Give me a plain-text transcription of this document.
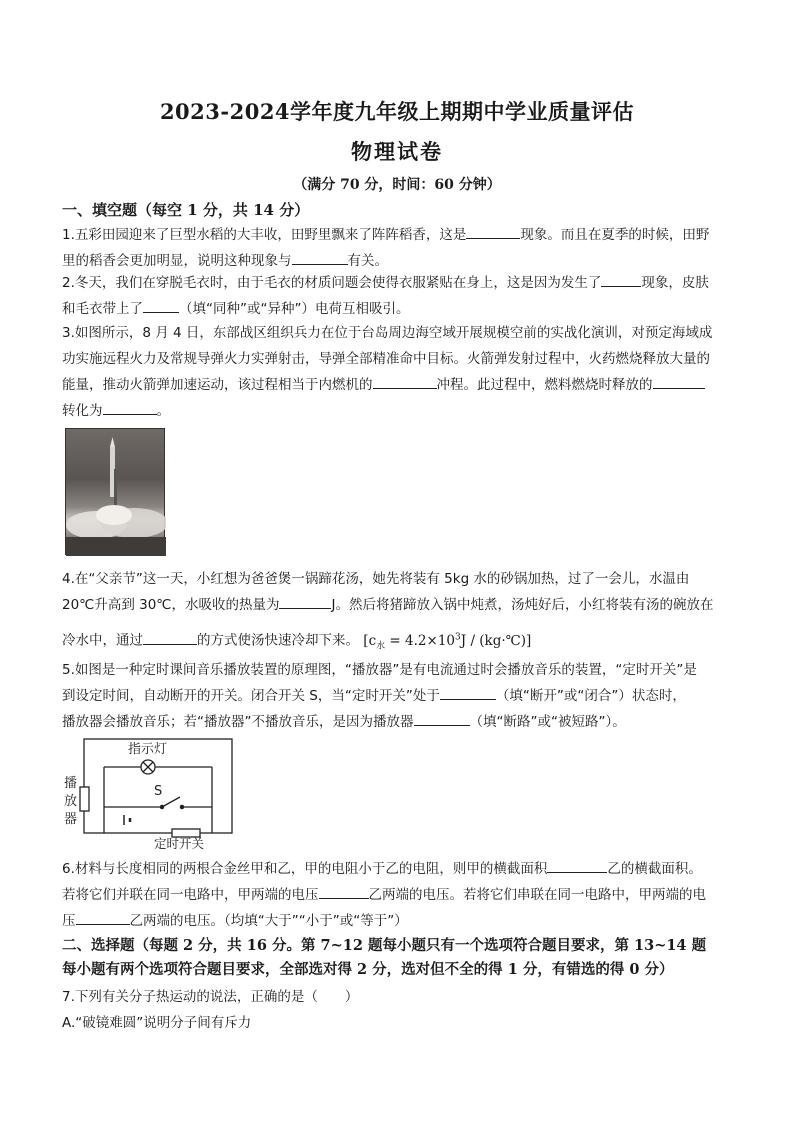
2023-2024学年度九年级上期期中学业质量评估
物理试卷
（满分 70 分，时间：60 分钟）
一、填空题（每空 1 分，共 14 分）
1.五彩田园迎来了巨型水稻的大丰收，田野里飘来了阵阵稻香，这是	现象。而且在夏季的时候，田野
里的稻香会更加明显，说明这种现象与	有关。
2.冬天，我们在穿脱毛衣时，由于毛衣的材质问题会使得衣服紧贴在身上，这是因为发生了	现象，皮肤
和毛衣带上了	（填“同种”或“异种”）电荷互相吸引。
3.如图所示，8 月 4 日，东部战区组织兵力在位于台岛周边海空域开展规模空前的实战化演训，对预定海域成
功实施远程火力及常规导弹火力实弹射击，导弹全部精准命中目标。火箭弹发射过程中，火药燃烧释放大量的
能量，推动火箭弹加速运动，该过程相当于内燃机的	冲程。此过程中，燃料燃烧时释放的
转化为	。
4.在“父亲节”这一天，小红想为爸爸煲一锅蹄花汤，她先将装有 5kg 水的砂锅加热，过了一会儿，水温由
20℃升高到 30℃，水吸收的热量为	J。然后将猪蹄放入锅中炖煮，汤炖好后，小红将装有汤的碗放在
冷水中，通过	的方式使汤快速冷却下来。 [$c_水 = 4.2\times 10^3J$ / (kg·℃)]
5.如图是一种定时课间音乐播放装置的原理图，“播放器”是有电流通过时会播放音乐的装置，“定时开关”是
到设定时间，自动断开的开关。闭合开关 S，当“定时开关”处于	（填“断开”或“闭合”）状态时，
播放器会播放音乐；若“播放器”不播放音乐，是因为播放器	（填“断路”或“被短路”）。
指示灯
播
放
器
S
定时开关
6.材料与长度相同的两根合金丝甲和乙，甲的电阻小于乙的电阻，则甲的横截面积	乙的横截面积。
若将它们并联在同一电路中，甲两端的电压	乙两端的电压。若将它们串联在同一电路中，甲两端的电
压	乙两端的电压。（均填“大于”“小于”或“等于”）
二、选择题（每题 2 分，共 16 分。第 7~12 题每小题只有一个选项符合题目要求，第 13~14 题
每小题有两个选项符合题目要求，全部选对得 2 分，选对但不全的得 1 分，有错选的得 0 分）
7.下列有关分子热运动的说法，正确的是（　　）
A.“破镜难圆”说明分子间有斥力
